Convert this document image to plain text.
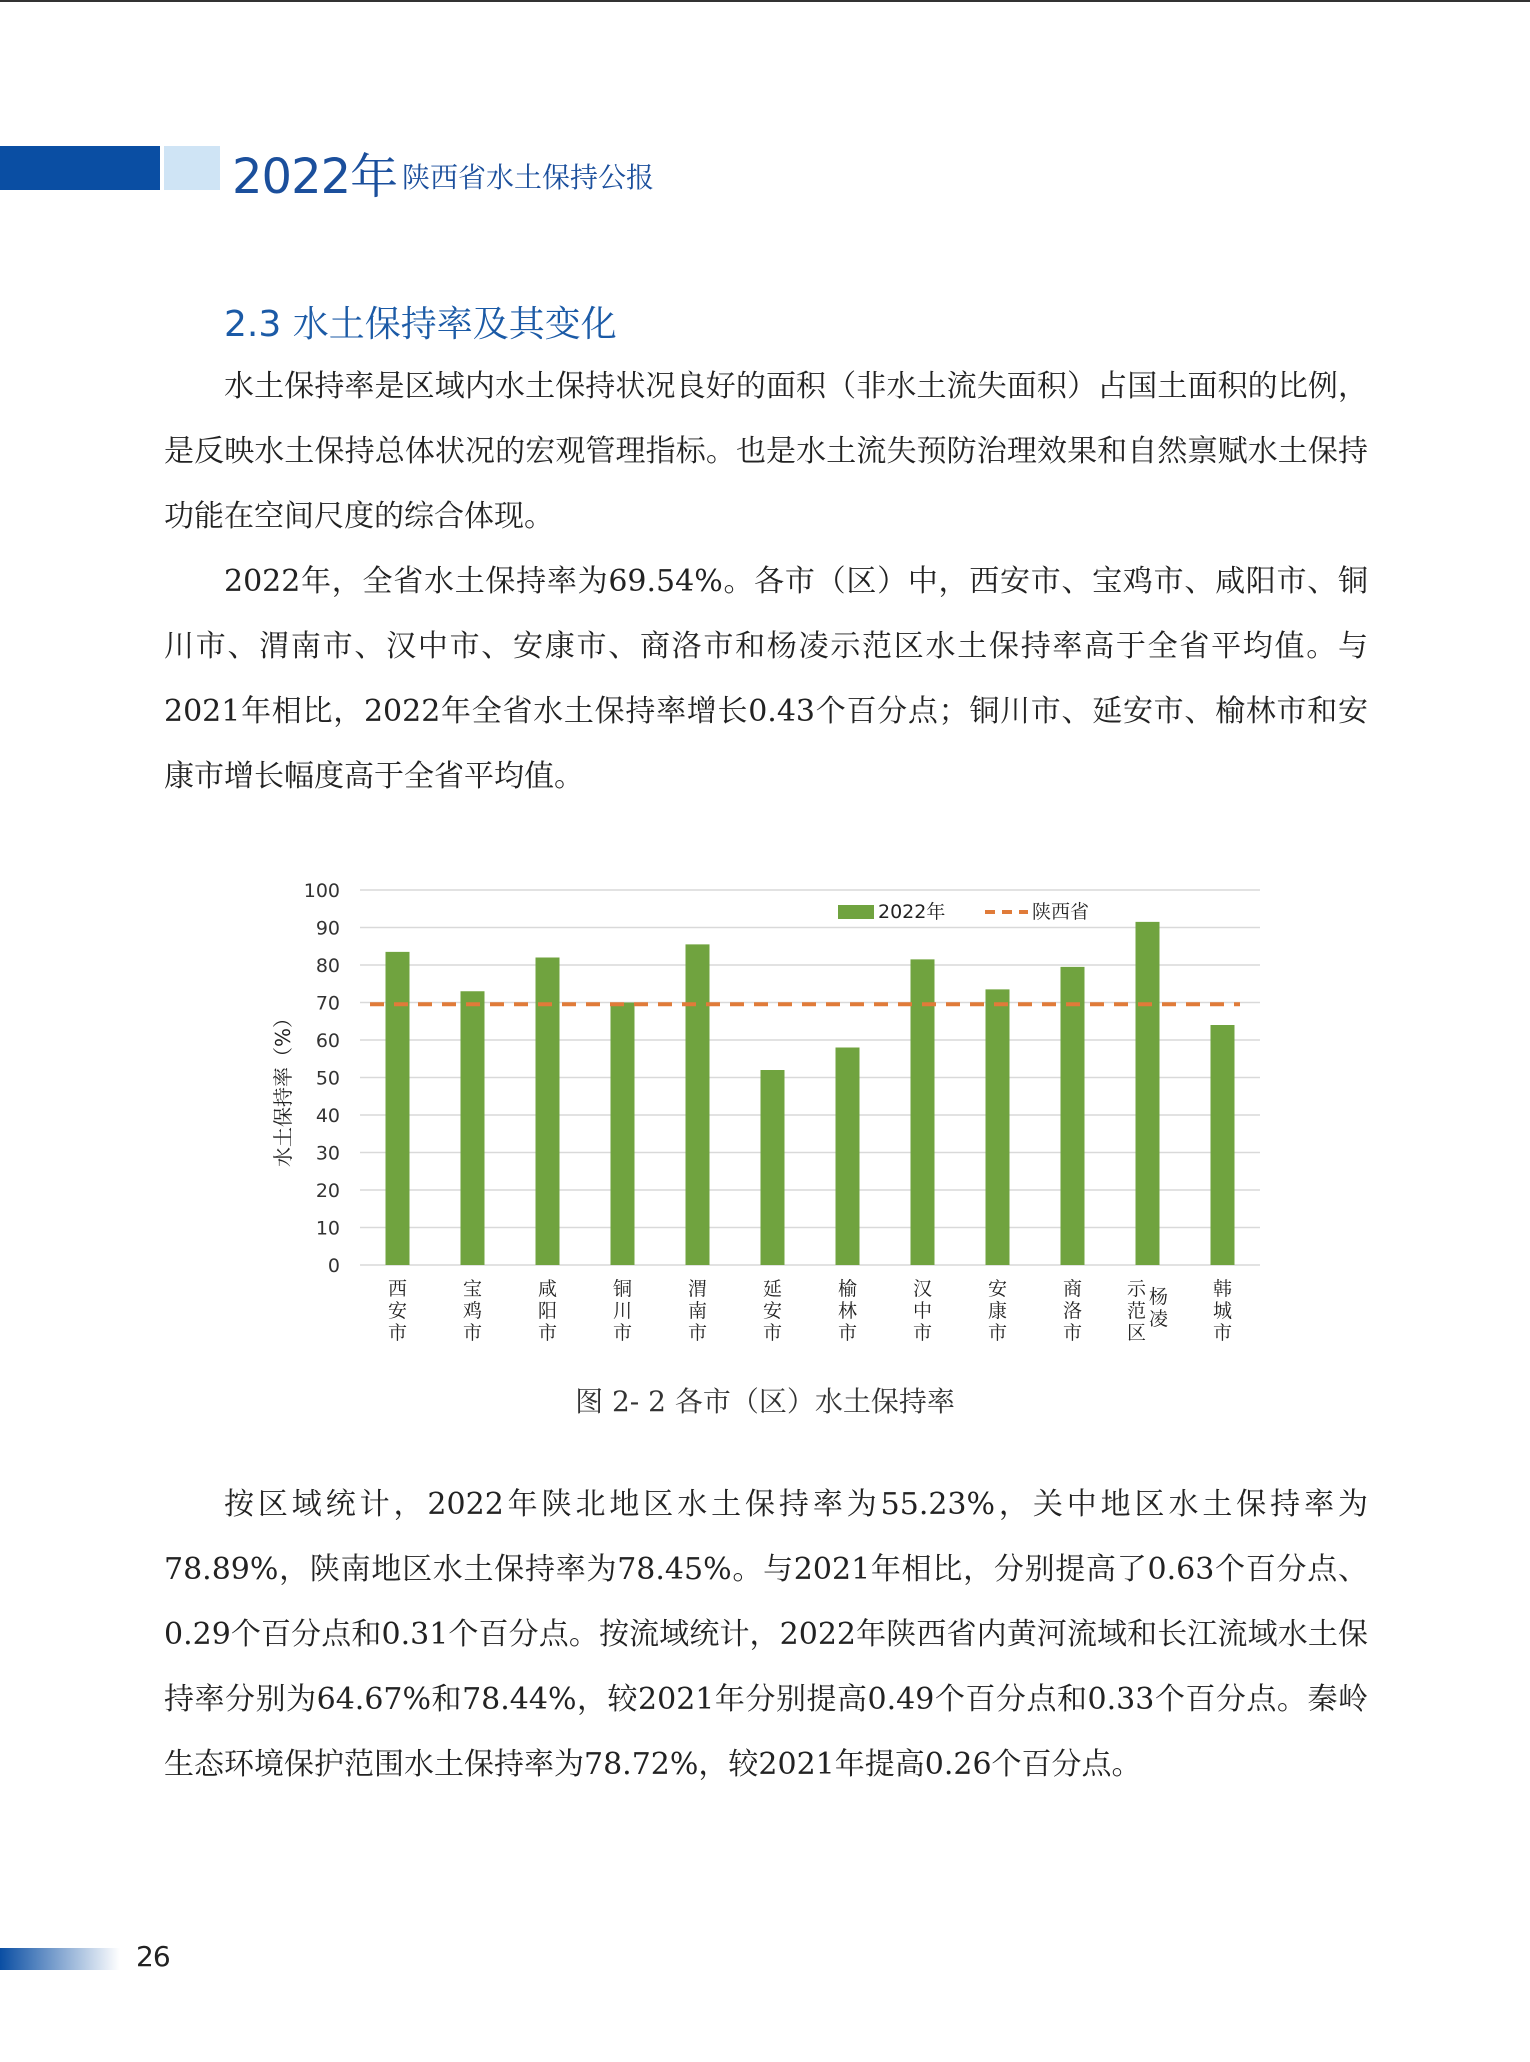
2022年 陕西省水土保持公报
2.3 水土保持率及其变化
水土保持率是区域内水土保持状况良好的面积（非水土流失面积）占国土面积的比例，是反映水土保持总体状况的宏观管理指标。也是水土流失预防治理效果和自然禀赋水土保持功能在空间尺度的综合体现。
2022年，全省水土保持率为69.54%。各市（区）中，西安市、宝鸡市、咸阳市、铜川市、渭南市、汉中市、安康市、商洛市和杨凌示范区水土保持率高于全省平均值。与2021年相比，2022年全省水土保持率增长0.43个百分点；铜川市、延安市、榆林市和安康市增长幅度高于全省平均值。
0
10
20
30
40
50
60
70
80
90
100
水土保持率（%）
西
安
市
宝
鸡
市
咸
阳
市
铜
川
市
渭
南
市
延
安
市
榆
林
市
汉
中
市
安
康
市
商
洛
市
示
范
区
杨
凌
韩
城
市
2022年	陕西省
图 2- 2 各市（区）水土保持率
按区域统计，2022年陕北地区水土保持率为55.23%，关中地区水土保持率为78.89%，陕南地区水土保持率为78.45%。与2021年相比，分别提高了0.63个百分点、0.29个百分点和0.31个百分点。按流域统计，2022年陕西省内黄河流域和长江流域水土保持率分别为64.67%和78.44%，较2021年分别提高0.49个百分点和0.33个百分点。秦岭生态环境保护范围水土保持率为78.72%，较2021年提高0.26个百分点。
26
